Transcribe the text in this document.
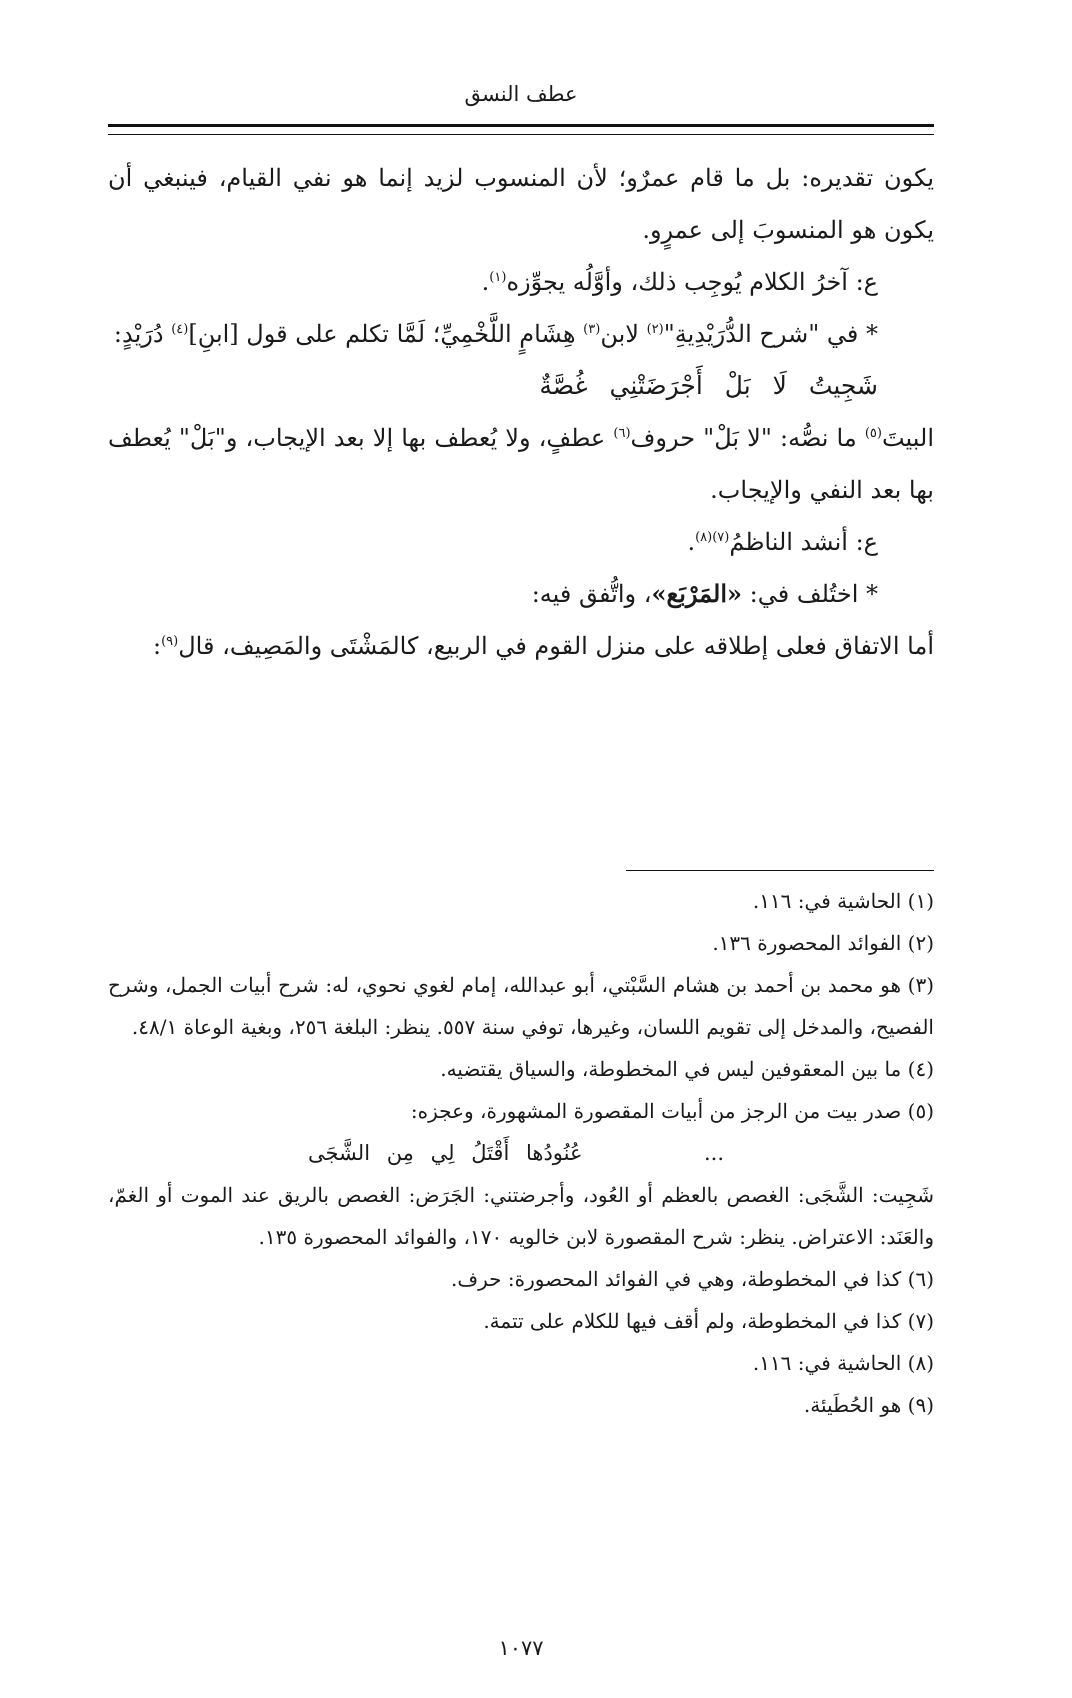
عطف النسق

يكون تقديره: بل ما قام عمرٌو؛ لأن المنسوب لزيد إنما هو نفي القيام، فينبغي أن يكون هو المنسوبَ إلى عمرٍو.

ع: آخرُ الكلام يُوجِب ذلك، وأوَّلُه يجوِّزه$^{(١)}$.

* في "شرح الدُّرَيْدِيةِ"$^{(٢)}$ لابن$^{(٣)}$ هِشَامٍ اللَّخْمِيِّ؛ لَمَّا تكلم على قول [ابنِ]$^{(٤)}$ دُرَيْدٍ:

شَجِيتُ لَا بَلْ أَجْرَضَتْنِي غُصَّةٌ

البيتَ$^{(٥)}$ ما نصُّه: "لا بَلْ" حروف$^{(٦)}$ عطفٍ، ولا يُعطف بها إلا بعد الإيجاب، و"بَلْ" يُعطف بها بعد النفي والإيجاب.

ع: أنشد الناظمُ$^{(٧)(٨)}$.

* اختُلف في: «المَرْبَع»، واتُّفق فيه:

أما الاتفاق فعلى إطلاقه على منزل القوم في الربيع، كالمَشْتَى والمَصِيف، قال$^{(٩)}$:

(١) الحاشية في: ١١٦.

(٢) الفوائد المحصورة ١٣٦.

(٣) هو محمد بن أحمد بن هشام السَّبْتي، أبو عبدالله، إمام لغوي نحوي، له: شرح أبيات الجمل، وشرح الفصيح، والمدخل إلى تقويم اللسان، وغيرها، توفي سنة ٥٥٧. ينظر: البلغة ٢٥٦، وبغية الوعاة ٤٨/١.

(٤) ما بين المعقوفين ليس في المخطوطة، والسياق يقتضيه.

(٥) صدر بيت من الرجز من أبيات المقصورة المشهورة، وعجزه:

...
عُنُودُها أَقْتَلُ لِي مِن الشَّجَى

شَجِيت: الشَّجَى: الغصص بالعظم أو العُود، وأجرضتني: الجَرَض: الغصص بالريق عند الموت أو الغمّ، والعَنَد: الاعتراض. ينظر: شرح المقصورة لابن خالويه ١٧٠، والفوائد المحصورة ١٣٥.

(٦) كذا في المخطوطة، وهي في الفوائد المحصورة: حرف.

(٧) كذا في المخطوطة، ولم أقف فيها للكلام على تتمة.

(٨) الحاشية في: ١١٦.

(٩) هو الحُطَيئة.

١٠٧٧
